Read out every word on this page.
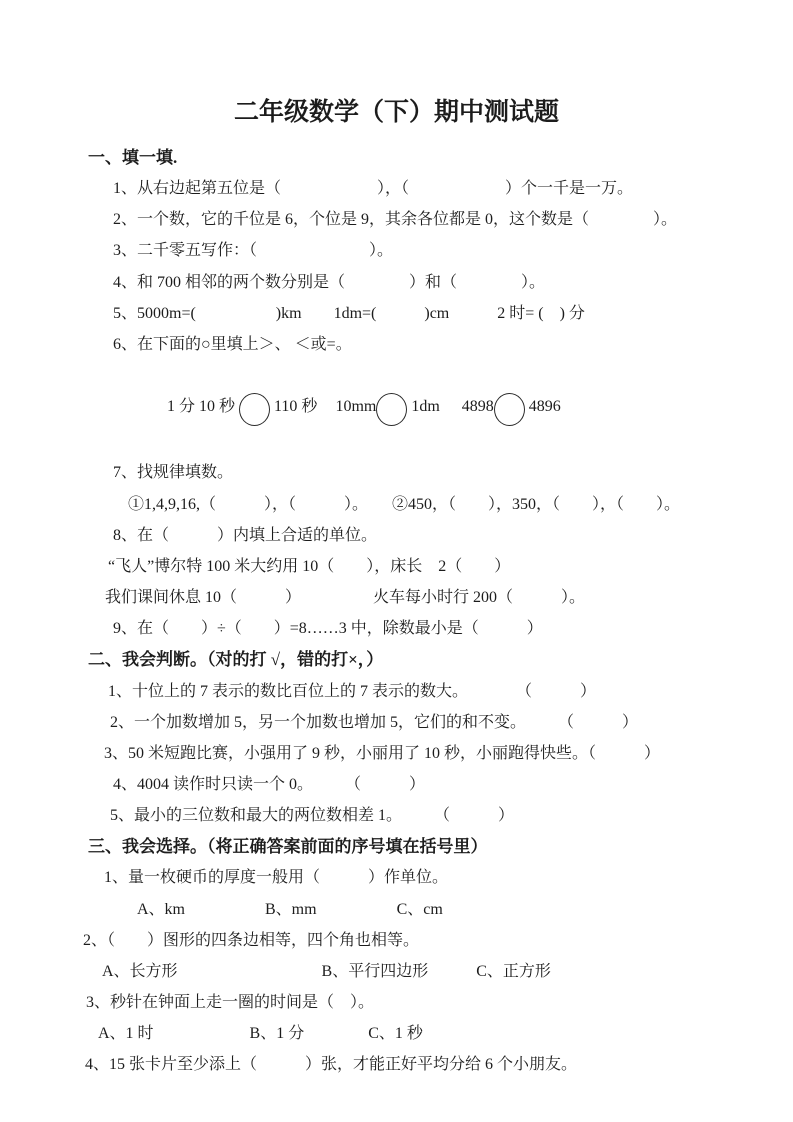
二年级数学（下）期中测试题
一、填一填.
1、从右边起第五位是（　　　　　　），（　　　　　　）个一千是一万。
2、一个数，它的千位是 6，个位是 9，其余各位都是 0，这个数是（　　　　）。
3、二千零五写作：（　　　　　　　）。
4、和 700 相邻的两个数分别是（　　　　）和（　　　　）。
5、5000m=(　　　　　)km　　1dm=(　　　)cm　　　2 时= (　) 分
6、在下面的○里填上＞、 ＜或=。

1 分 10 秒  110 秒 10mm 1dm 4898 4896

7、找规律填数。
①1,4,9,16,（　　　），（　　　）。　　②450，（　　），350，（　　），（　　）。
8、在（　　　）内填上合适的单位。
“飞人”博尔特 100 米大约用 10（　　），床长　2（　　）
我们课间休息 10（　　　）　　　　　火车每小时行 200（　　　）。
9、在（　　）÷（　　）=8……3 中，除数最小是（　　　）
二、我会判断。（对的打 √，错的打×，）
1、十位上的 7 表示的数比百位上的 7 表示的数大。　　　　（　　　）
2、一个加数增加 5，另一个加数也增加 5，它们的和不变。　　　（　　　）
3、50 米短跑比赛，小强用了 9 秒，小丽用了 10 秒，小丽跑得快些。（　　　）
4、4004 读作时只读一个 0。　　　（　　　）
5、最小的三位数和最大的两位数相差 1。　　　（　　　）
三、我会选择。（将正确答案前面的序号填在括号里）
1、量一枚硬币的厚度一般用（　　　）作单位。
A、km　　　　　B、mm　　　　　C、cm
2、（　　）图形的四条边相等，四个角也相等。
A、长方形　　　　　　　　　B、平行四边形　　　C、正方形
3、秒针在钟面上走一圈的时间是（　）。
A、1 时　　　　　　B、1 分　　　　C、1 秒
4、15 张卡片至少添上（　　　）张，才能正好平均分给 6 个小朋友。
